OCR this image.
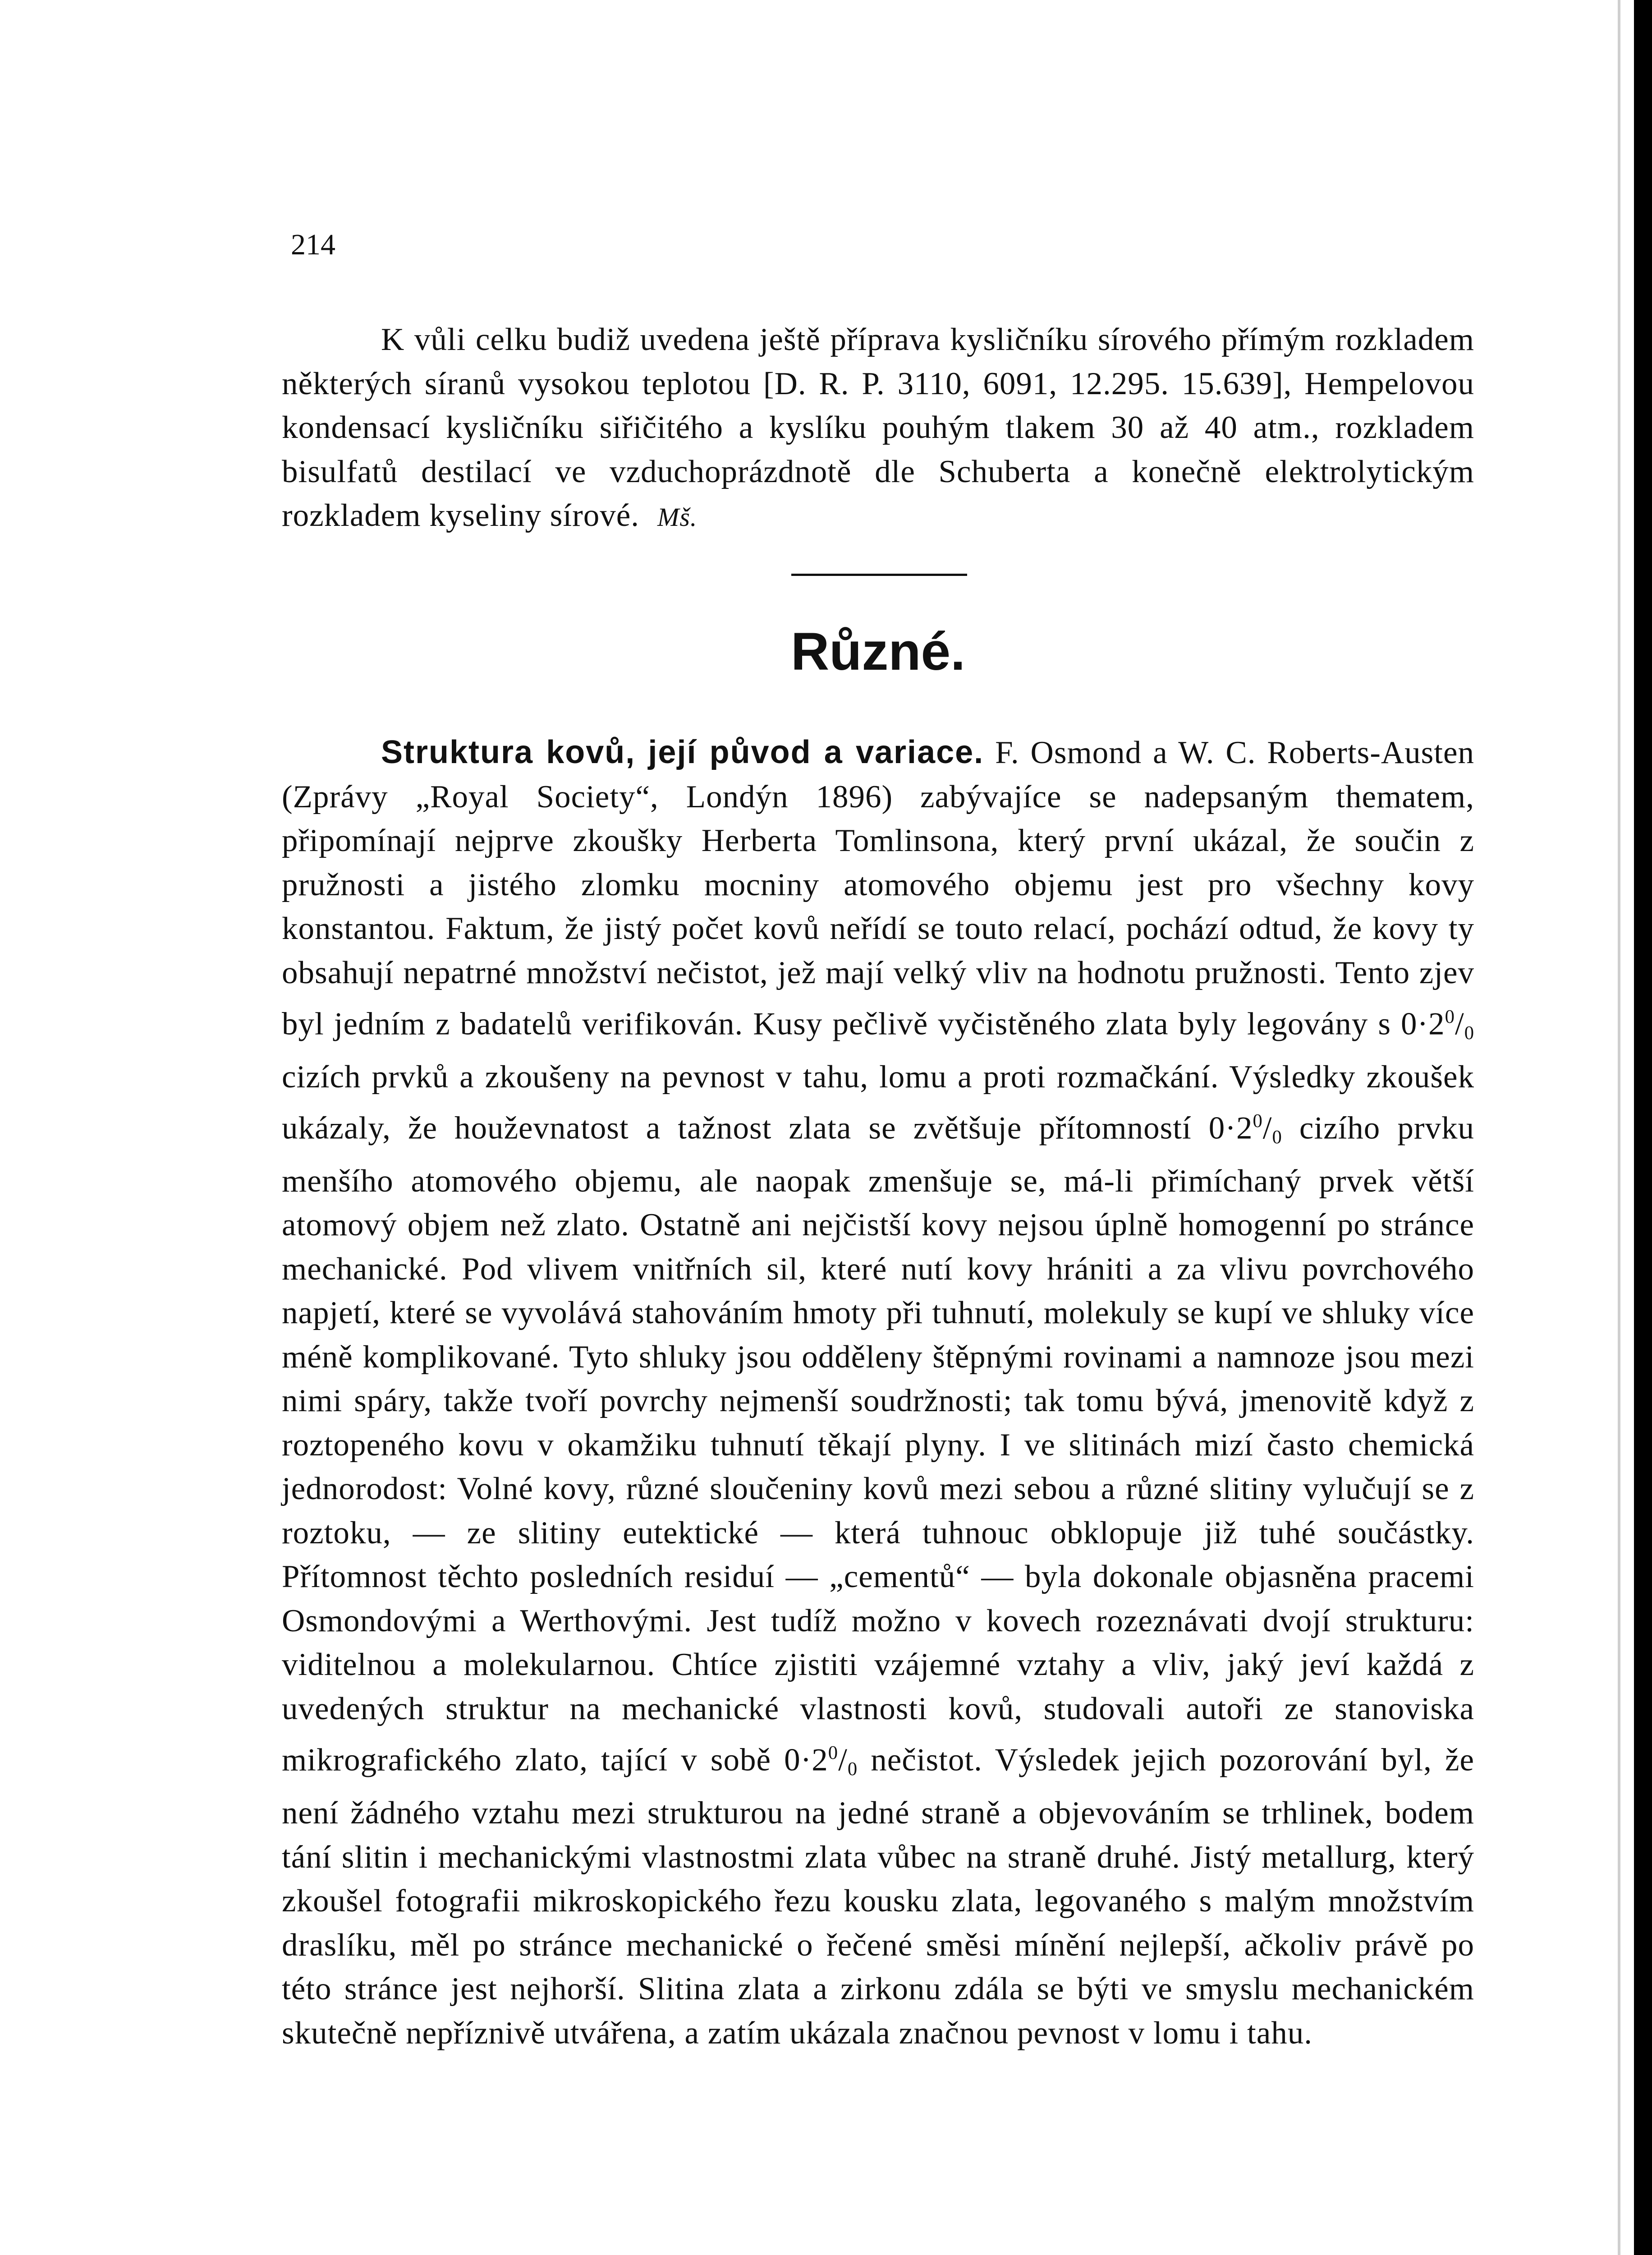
214

K vůli celku budiž uvedena ještě příprava kysličníku sírového přímým rozkladem některých síranů vysokou teplotou [D. R. P. 3110, 6091, 12.295. 15.639], Hempelovou kondensací kysličníku siřičitého a kyslíku pouhým tlakem 30 až 40 atm., rozkladem bisulfatů destilací ve vzduchoprázdnotě dle Schuberta a konečně elektrolytickým rozkladem kyseliny sírové. Mš.

Různé.

Struktura kovů, její původ a variace. F. Osmond a W. C. Roberts-Austen (Zprávy „Royal Society“, Londýn 1896) zabývajíce se nadepsaným thematem, připomínají nejprve zkoušky Herberta Tomlinsona, který první ukázal, že součin z pružnosti a jistého zlomku mocniny atomového objemu jest pro všechny kovy konstantou. Faktum, že jistý počet kovů neřídí se touto relací, pochází odtud, že kovy ty obsahují nepatrné množství nečistot, jež mají velký vliv na hodnotu pružnosti. Tento zjev byl jedním z badatelů verifikován. Kusy pečlivě vyčistěného zlata byly legovány s $0\cdot 2^0/_0$ cizích prvků a zkoušeny na pevnost v tahu, lomu a proti rozmačkání. Výsledky zkoušek ukázaly, že houževnatost a tažnost zlata se zvětšuje přítomností $0\cdot 2^0/_0$ cizího prvku menšího atomového objemu, ale naopak zmenšuje se, má-li přimíchaný prvek větší atomový objem než zlato. Ostatně ani nejčistší kovy nejsou úplně homogenní po stránce mechanické. Pod vlivem vnitřních sil, které nutí kovy hrániti a za vlivu povrchového napjetí, které se vyvolává stahováním hmoty při tuhnutí, molekuly se kupí ve shluky více méně komplikované. Tyto shluky jsou odděleny štěpnými rovinami a namnoze jsou mezi nimi spáry, takže tvoří povrchy nejmenší soudržnosti; tak tomu bývá, jmenovitě když z roztopeného kovu v okamžiku tuhnutí těkají plyny. I ve slitinách mizí často chemická jednorodost: Volné kovy, různé sloučeniny kovů mezi sebou a různé slitiny vylučují se z roztoku, — ze slitiny eutektické — která tuhnouc obklopuje již tuhé součástky. Přítomnost těchto posledních residuí — „cementů“ — byla dokonale objasněna pracemi Osmondovými a Werthovými. Jest tudíž možno v kovech rozeznávati dvojí strukturu: viditelnou a molekularnou. Chtíce zjistiti vzájemné vztahy a vliv, jaký jeví každá z uvedených struktur na mechanické vlastnosti kovů, studovali autoři ze stanoviska mikrografického zlato, tající v sobě $0\cdot 2^0/_0$ nečistot. Výsledek jejich pozorování byl, že není žádného vztahu mezi strukturou na jedné straně a objevováním se trhlinek, bodem tání slitin i mechanickými vlastnostmi zlata vůbec na straně druhé. Jistý metallurg, který zkoušel fotografii mikroskopického řezu kousku zlata, legovaného s malým množstvím draslíku, měl po stránce mechanické o řečené směsi mínění nejlepší, ačkoliv právě po této stránce jest nejhorší. Slitina zlata a zirkonu zdála se býti ve smyslu mechanickém skutečně nepříznivě utvářena, a zatím ukázala značnou pevnost v lomu i tahu.
